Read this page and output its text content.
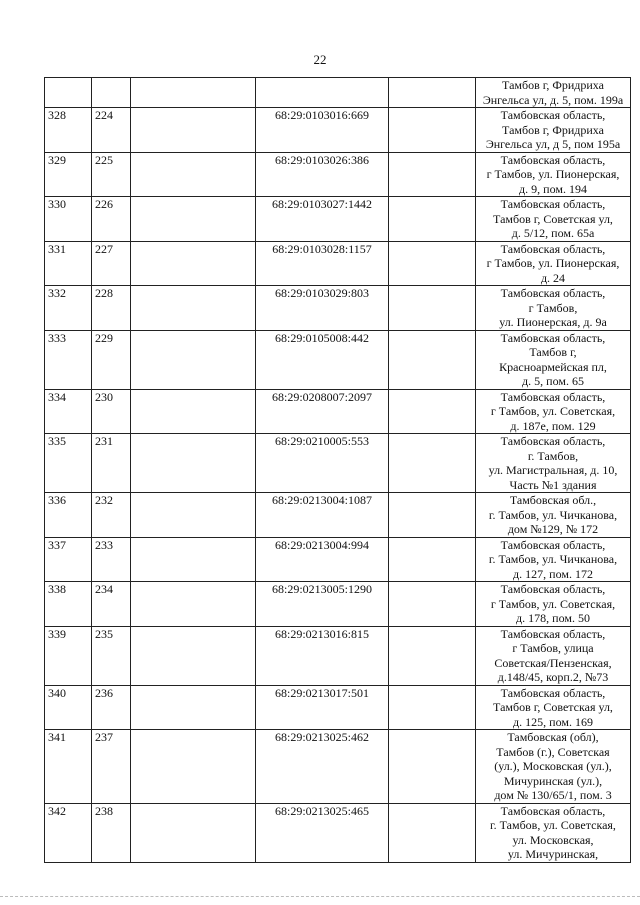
22

					Тамбов г, Фридриха
Энгельса ул, д. 5, пом. 199а

328	224		68:29:0103016:669		Тамбовская область,
Тамбов г, Фридриха
Энгельса ул, д 5, пом 195а

329	225		68:29:0103026:386		Тамбовская область,
г Тамбов, ул. Пионерская,
д. 9, пом. 194

330	226		68:29:0103027:1442		Тамбовская область,
Тамбов г, Советская ул,
д. 5/12, пом. 65а

331	227		68:29:0103028:1157		Тамбовская область,
г Тамбов, ул. Пионерская,
д. 24

332	228		68:29:0103029:803		Тамбовская область,
г Тамбов,
ул. Пионерская, д. 9а

333	229		68:29:0105008:442		Тамбовская область,
Тамбов г,
Красноармейская пл,
д. 5, пом. 65

334	230		68:29:0208007:2097		Тамбовская область,
г Тамбов, ул. Советская,
д. 187е, пом. 129

335	231		68:29:0210005:553		Тамбовская область,
г. Тамбов,
ул. Магистральная, д. 10,
Часть №1 здания

336	232		68:29:0213004:1087		Тамбовская обл.,
г. Тамбов, ул. Чичканова,
дом №129, № 172

337	233		68:29:0213004:994		Тамбовская область,
г. Тамбов, ул. Чичканова,
д. 127, пом. 172

338	234		68:29:0213005:1290		Тамбовская область,
г Тамбов, ул. Советская,
д. 178, пом. 50

339	235		68:29:0213016:815		Тамбовская область,
г Тамбов, улица
Советская/Пензенская,
д.148/45, корп.2, №73

340	236		68:29:0213017:501		Тамбовская область,
Тамбов г, Советская ул,
д. 125, пом. 169

341	237		68:29:0213025:462		Тамбовская (обл),
Тамбов (г.), Советская
(ул.), Московская (ул.),
Мичуринская (ул.),
дом № 130/65/1, пом. 3

342	238		68:29:0213025:465		Тамбовская область,
г. Тамбов, ул. Советская,
ул. Московская,
ул. Мичуринская,
